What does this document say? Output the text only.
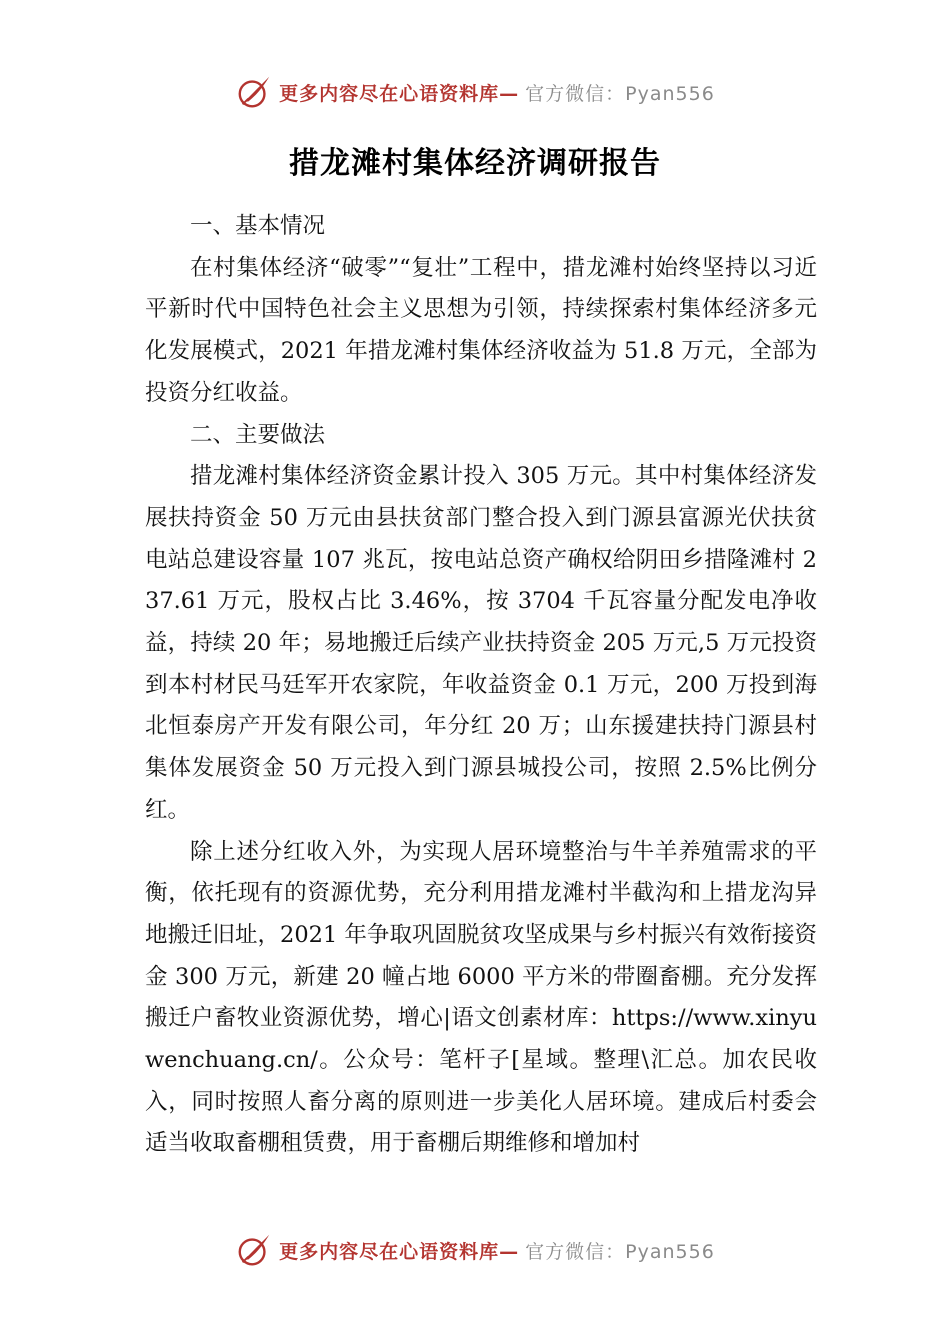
更多内容尽在心语资料库— 官方微信：Pyan556
措龙滩村集体经济调研报告

一、基本情况

在村集体经济“破零”“复壮”工程中，措龙滩村始终坚持以习近平新时代中国特色社会主义思想为引领，持续探索村集体经济多元化发展模式，2021 年措龙滩村集体经济收益为 51.8 万元，全部为投资分红收益。

二、主要做法

措龙滩村集体经济资金累计投入 305 万元。其中村集体经济发展扶持资金 50 万元由县扶贫部门整合投入到门源县富源光伏扶贫电站总建设容量 107 兆瓦，按电站总资产确权给阴田乡措隆滩村 237.61 万元，股权占比 3.46%，按 3704 千瓦容量分配发电净收益，持续 20 年；易地搬迁后续产业扶持资金 205 万元,5 万元投资到本村材民马廷军开农家院，年收益资金 0.1 万元，200 万投到海北恒泰房产开发有限公司，年分红 20 万；山东援建扶持门源县村集体发展资金 50 万元投入到门源县城投公司，按照 2.5%比例分红。

除上述分红收入外，为实现人居环境整治与牛羊养殖需求的平衡，依托现有的资源优势，充分利用措龙滩村半截沟和上措龙沟异地搬迁旧址，2021 年争取巩固脱贫攻坚成果与乡村振兴有效衔接资金 300 万元，新建 20 幢占地 6000 平方米的带圈畜棚。充分发挥搬迁户畜牧业资源优势，增心|语文创素材库：https://www.xinyuwenchuang.cn/。公众号：笔杆子[星域。整理\汇总。加农民收入，同时按照人畜分离的原则进一步美化人居环境。建成后村委会适当收取畜棚租赁费，用于畜棚后期维修和增加村

更多内容尽在心语资料库— 官方微信：Pyan556
